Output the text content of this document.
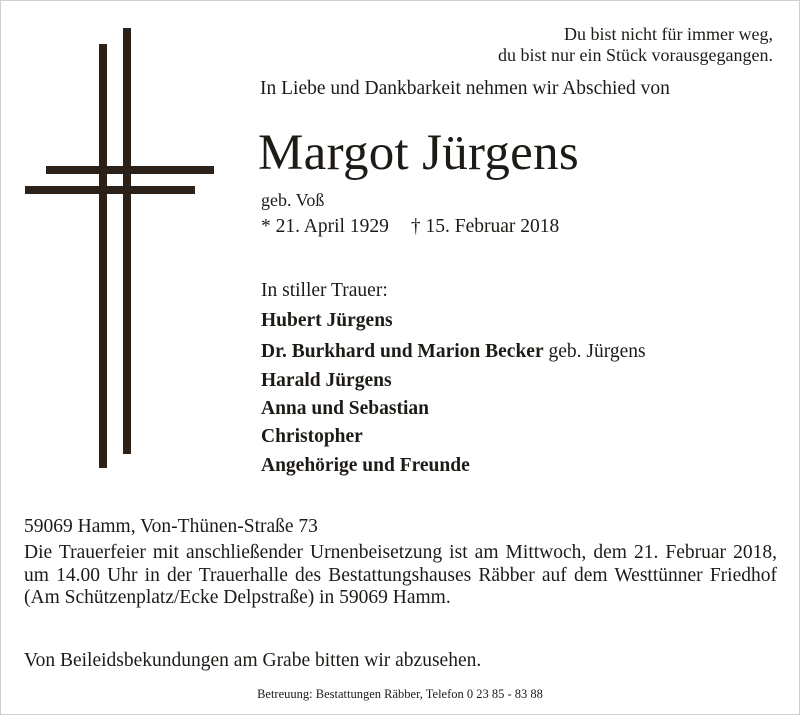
Du bist nicht für immer weg,
du bist nur ein Stück vorausgegangen.
In Liebe und Dankbarkeit nehmen wir Abschied von
Margot Jürgens
geb. Voß
* 21. April 1929 † 15. Februar 2018
In stiller Trauer:
Hubert Jürgens
Dr. Burkhard und Marion Becker geb. Jürgens
Harald Jürgens
Anna und Sebastian
Christopher
Angehörige und Freunde
59069 Hamm, Von-Thünen-Straße 73

Die Trauerfeier mit anschließender Urnenbeisetzung ist am Mittwoch, dem 21. Februar 2018, um 14.00 Uhr in der Trauerhalle des Bestattungshauses Räbber auf dem Westtünner Friedhof (Am Schützenplatz/Ecke Delpstraße) in 59069 Hamm.

Von Beileidsbekundungen am Grabe bitten wir abzusehen.
Betreuung: Bestattungen Räbber, Telefon 0 23 85 - 83 88
